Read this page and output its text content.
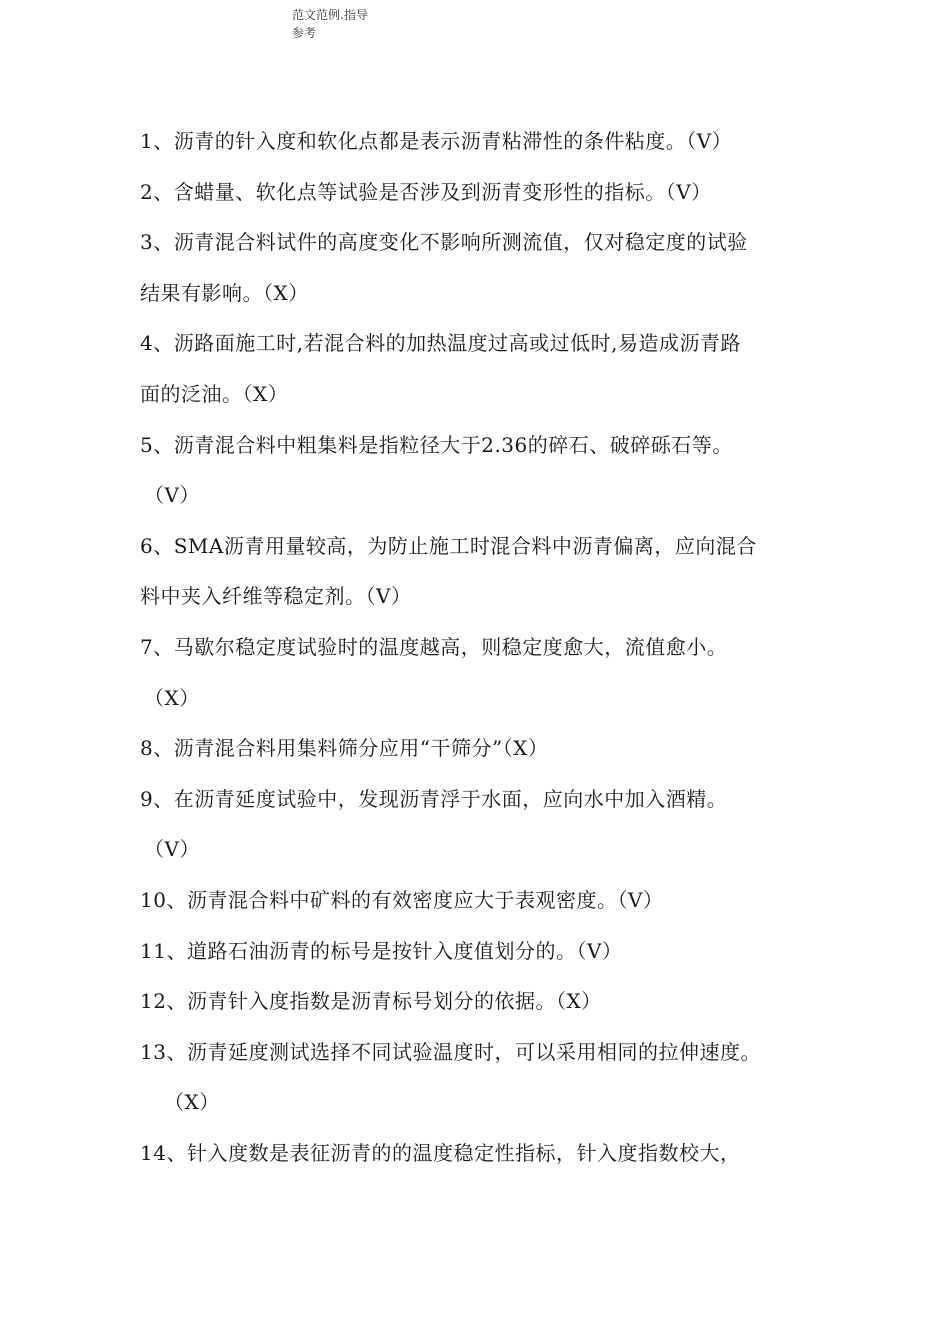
范文范例.指导参考
1、沥青的针入度和软化点都是表示沥青粘滞性的条件粘度。（V）
2、含蜡量、软化点等试验是否涉及到沥青变形性的指标。（V）
3、沥青混合料试件的高度变化不影响所测流值，仅对稳定度的试验
结果有影响。（X）
4、沥路面施工时,若混合料的加热温度过高或过低时,易造成沥青路
面的泛油。（X）
5、沥青混合料中粗集料是指粒径大于2.36的碎石、破碎砾石等。
（V）
6、SMA沥青用量较高，为防止施工时混合料中沥青偏离，应向混合
料中夹入纤维等稳定剂。（V）
7、马歇尔稳定度试验时的温度越高，则稳定度愈大，流值愈小。
（X）
8、沥青混合料用集料筛分应用“干筛分”（X）
9、在沥青延度试验中，发现沥青浮于水面，应向水中加入酒精。
（V）
10、沥青混合料中矿料的有效密度应大于表观密度。（V）
11、道路石油沥青的标号是按针入度值划分的。（V）
12、沥青针入度指数是沥青标号划分的依据。（X）
13、沥青延度测试选择不同试验温度时，可以采用相同的拉伸速度。
（X）
14、针入度数是表征沥青的的温度稳定性指标，针入度指数校大，
